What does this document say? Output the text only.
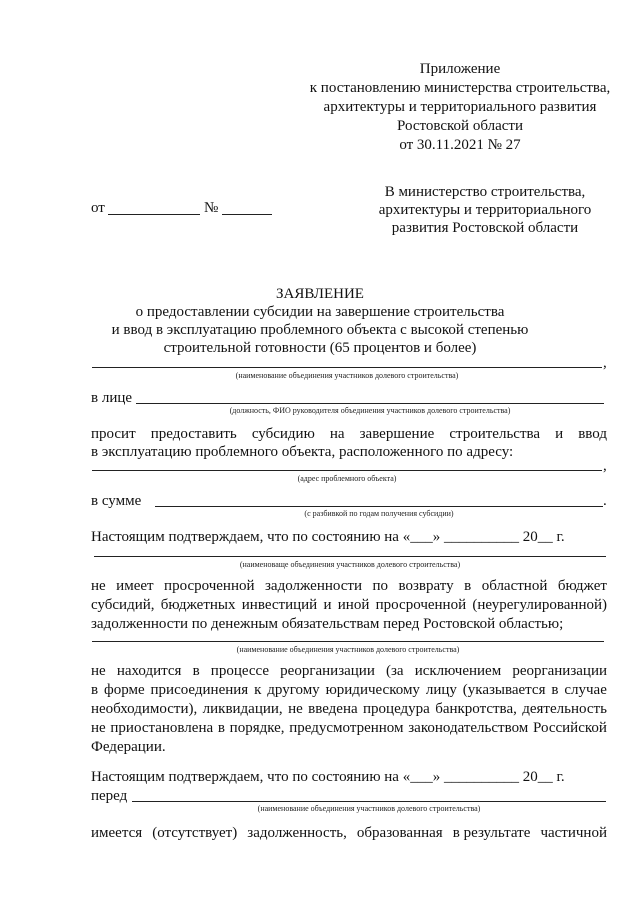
Приложение
к постановлению министерства строительства,
архитектуры и территориального развития
Ростовской области
от 30.11.2021 № 27
от	№
В министерство строительства,
архитектуры и территориального
развития Ростовской области
ЗАЯВЛЕНИЕ
о предоставлении субсидии на завершение строительства
и ввод в эксплуатацию проблемного объекта с высокой степенью
строительной готовности (65 процентов и более)
,
(наименование объединения участников долевого строительства)
в лице
(должность, ФИО руководителя объединения участников долевого строительства)
просит предоставить субсидию на завершение строительства и ввод
в эксплуатацию проблемного объекта, расположенного по адресу:
,
(адрес проблемного объекта)
в сумме	.
(с разбивкой по годам получения субсидии)
Настоящим подтверждаем, что по состоянию на «___» __________ 20__ г.
(наименоваще объединения участников долевого строительства)
не имеет просроченной задолженности по возврату в областной бюджет
субсидий, бюджетных инвестиций и иной просроченной (неурегулированной)
задолженности по денежным обязательствам перед Ростовской областью;
(наименование объединения участников долевого строительства)
не находится в процессе реорганизации (за исключением реорганизации
в форме присоединения к другому юридическому лицу (указывается в случае
необходимости), ликвидации, не введена процедура банкротства, деятельность
не приостановлена в порядке, предусмотренном законодательством Российской
Федерации.
Настоящим подтверждаем, что по состоянию на «___» __________ 20__ г.
перед
(наименование объединения участников долевого строительства)
имеется (отсутствует) задолженность, образованная в результате частичной
